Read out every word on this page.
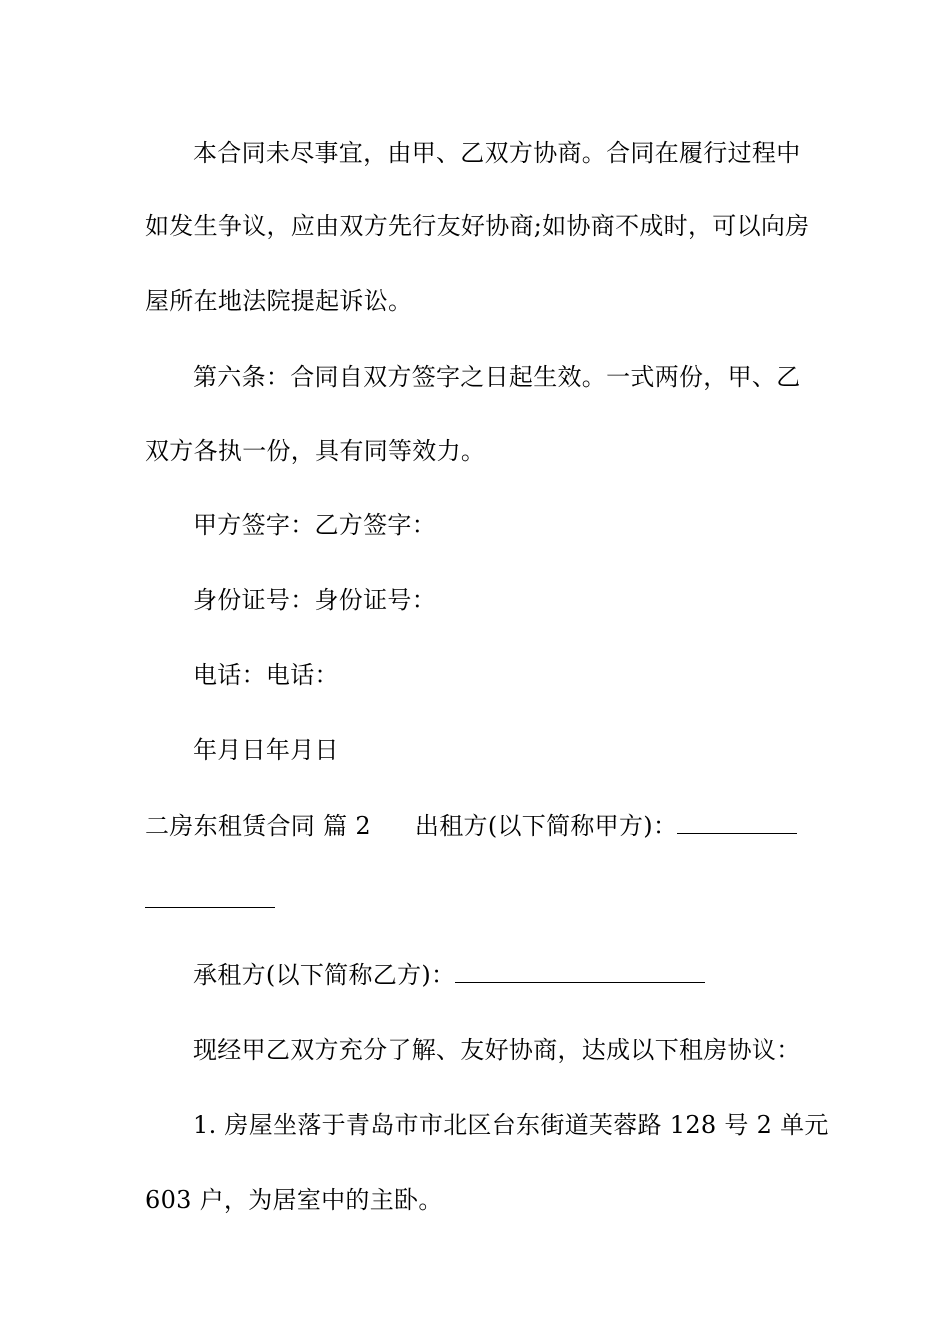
本合同未尽事宜，由甲、乙双方协商。合同在履行过程中
如发生争议，应由双方先行友好协商;如协商不成时，可以向房
屋所在地法院提起诉讼。
第六条：合同自双方签字之日起生效。一式两份，甲、乙
双方各执一份，具有同等效力。
甲方签字：乙方签字：
身份证号：身份证号：
电话：电话：
年月日年月日
二房东租赁合同 篇 2 出租方(以下简称甲方)：
承租方(以下简称乙方)：
现经甲乙双方充分了解、友好协商，达成以下租房协议：
1. 房屋坐落于青岛市市北区台东街道芙蓉路 128 号 2 单元
603 户，为居室中的主卧。
